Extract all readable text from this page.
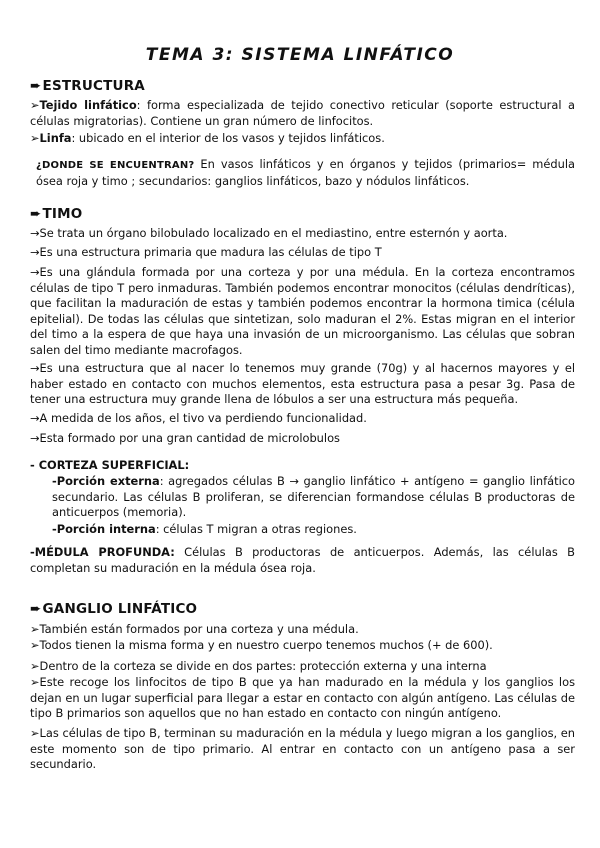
TEMA 3: SISTEMA LINFÁTICO
➨ESTRUCTURA

➢Tejido linfático: forma especializada de tejido conectivo reticular (soporte estructural a células migratorias). Contiene un gran número de linfocitos.

➢Linfa: ubicado en el interior de los vasos y tejidos linfáticos.

¿DONDE SE ENCUENTRAN? En vasos linfáticos y en órganos y tejidos (primarios= médula ósea roja y timo ; secundarios: ganglios linfáticos, bazo y nódulos linfáticos.

➨TIMO

→Se trata un órgano bilobulado localizado en el mediastino, entre esternón y aorta.

→Es una estructura primaria que madura las células de tipo T

→Es una glándula formada por una corteza y por una médula. En la corteza encontramos células de tipo T pero inmaduras. También podemos encontrar monocitos (células dendríticas), que facilitan la maduración de estas y también podemos encontrar la hormona timica (célula epitelial). De todas las células que sintetizan, solo maduran el 2%. Estas migran en el interior del timo a la espera de que haya una invasión de un microorganismo. Las células que sobran salen del timo mediante macrofagos.

→Es una estructura que al nacer lo tenemos muy grande (70g) y al hacernos mayores y el haber estado en contacto con muchos elementos, esta estructura pasa a pesar 3g. Pasa de tener una estructura muy grande llena de lóbulos a ser una estructura más pequeña.

→A medida de los años, el tivo va perdiendo funcionalidad.

→Esta formado por una gran cantidad de microlobulos

- CORTEZA SUPERFICIAL:

-Porción externa: agregados células B → ganglio linfático + antígeno = ganglio linfático secundario. Las células B proliferan, se diferencian formandose células B productoras de anticuerpos (memoria).

-Porción interna: células T migran a otras regiones.

-MÉDULA PROFUNDA: Células B productoras de anticuerpos. Además, las células B completan su maduración en la médula ósea roja.

➨GANGLIO LINFÁTICO

➢También están formados por una corteza y una médula.

➢Todos tienen la misma forma y en nuestro cuerpo tenemos muchos (+ de 600).

➢Dentro de la corteza se divide en dos partes: protección externa y una interna

➢Este recoge los linfocitos de tipo B que ya han madurado en la médula y los ganglios los dejan en un lugar superficial para llegar a estar en contacto con algún antígeno. Las células de tipo B primarios son aquellos que no han estado en contacto con ningún antígeno.

➢Las células de tipo B, terminan su maduración en la médula y luego migran a los ganglios, en este momento son de tipo primario. Al entrar en contacto con un antígeno pasa a ser secundario.
